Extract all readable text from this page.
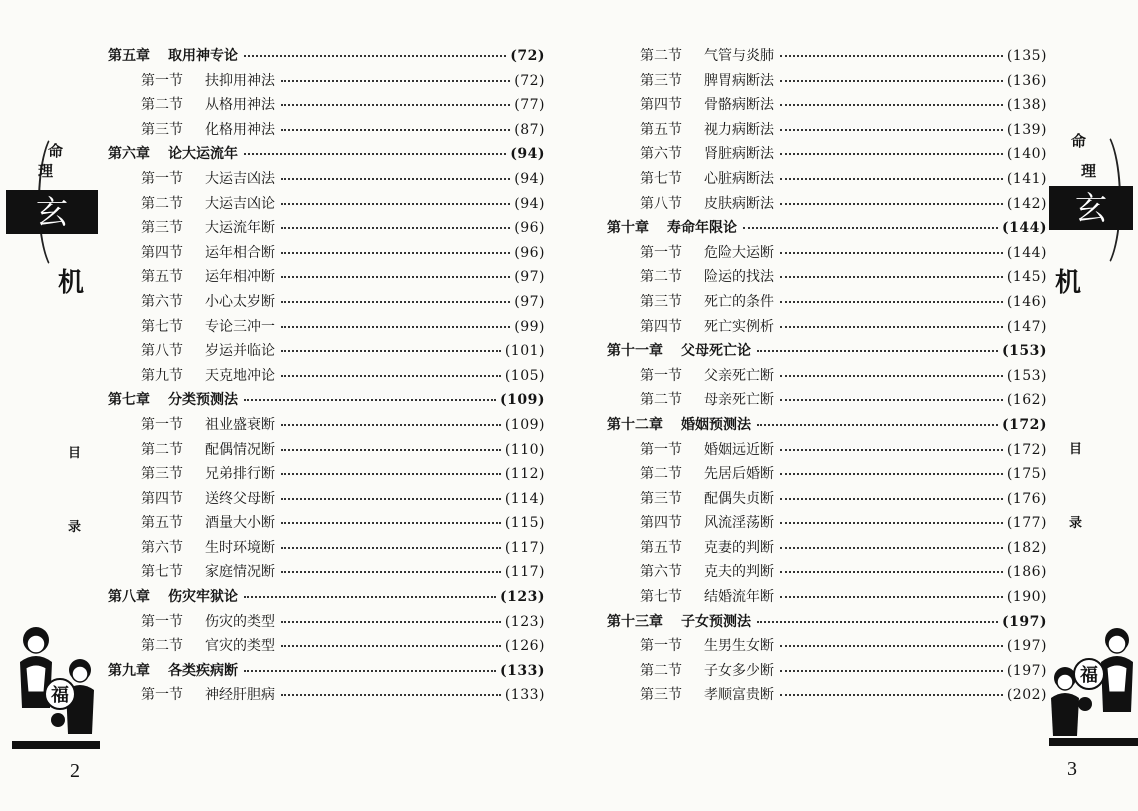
第五章	取用神专论	(72)
第一节	扶抑用神法	(72)
第二节	从格用神法	(77)
第三节	化格用神法	(87)
第六章	论大运流年	(94)
第一节	大运吉凶法	(94)
第二节	大运吉凶论	(94)
第三节	大运流年断	(96)
第四节	运年相合断	(96)
第五节	运年相冲断	(97)
第六节	小心太岁断	(97)
第七节	专论三冲一	(99)
第八节	岁运并临论	(101)
第九节	天克地冲论	(105)
第七章	分类预测法	(109)
第一节	祖业盛衰断	(109)
第二节	配偶情况断	(110)
第三节	兄弟排行断	(112)
第四节	送终父母断	(114)
第五节	酒量大小断	(115)
第六节	生时环境断	(117)
第七节	家庭情况断	(117)
第八章	伤灾牢狱论	(123)
第一节	伤灾的类型	(123)
第二节	官灾的类型	(126)
第九章	各类疾病断	(133)
第一节	神经肝胆病	(133)
命
理
玄
机
目
录
福
2
第二节	气管与炎肺	(135)
第三节	脾胃病断法	(136)
第四节	骨骼病断法	(138)
第五节	视力病断法	(139)
第六节	肾脏病断法	(140)
第七节	心脏病断法	(141)
第八节	皮肤病断法	(142)
第十章	寿命年限论	(144)
第一节	危险大运断	(144)
第二节	险运的找法	(145)
第三节	死亡的条件	(146)
第四节	死亡实例析	(147)
第十一章	父母死亡论	(153)
第一节	父亲死亡断	(153)
第二节	母亲死亡断	(162)
第十二章	婚姻预测法	(172)
第一节	婚姻远近断	(172)
第二节	先居后婚断	(175)
第三节	配偶失贞断	(176)
第四节	风流淫荡断	(177)
第五节	克妻的判断	(182)
第六节	克夫的判断	(186)
第七节	结婚流年断	(190)
第十三章	子女预测法	(197)
第一节	生男生女断	(197)
第二节	子女多少断	(197)
第三节	孝顺富贵断	(202)
命
理
玄
机
目
录
福
3
